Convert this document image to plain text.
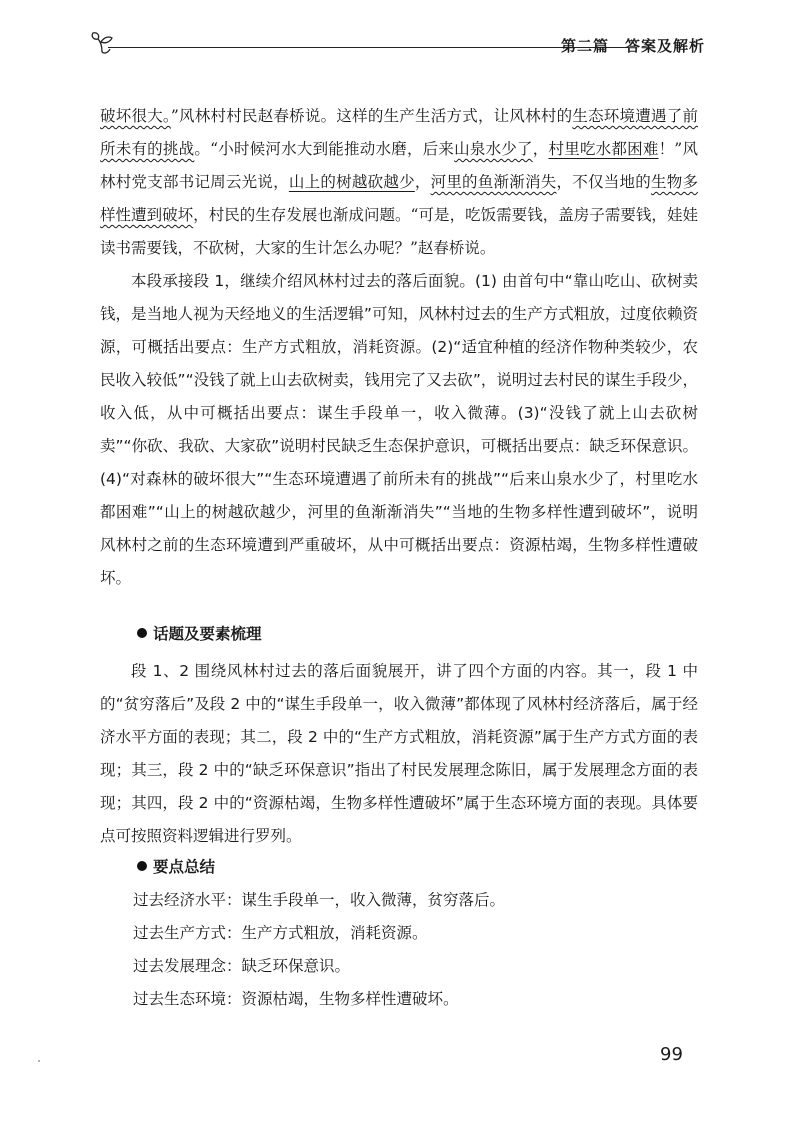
第二篇　答案及解析

破坏很大。”风林村村民赵春桥说。这样的生产生活方式，让风林村的生态环境遭遇了前所未有的挑战。“小时候河水大到能推动水磨，后来山泉水少了，村里吃水都困难！”风林村党支部书记周云光说，山上的树越砍越少，河里的鱼渐渐消失，不仅当地的生物多样性遭到破坏，村民的生存发展也渐成问题。“可是，吃饭需要钱，盖房子需要钱，娃娃读书需要钱，不砍树，大家的生计怎么办呢？”赵春桥说。

本段承接段 1，继续介绍风林村过去的落后面貌。(1) 由首句中“靠山吃山、砍树卖钱，是当地人视为天经地义的生活逻辑”可知，风林村过去的生产方式粗放，过度依赖资源，可概括出要点：生产方式粗放，消耗资源。(2)“适宜种植的经济作物种类较少，农民收入较低”“没钱了就上山去砍树卖，钱用完了又去砍”，说明过去村民的谋生手段少，收入低，从中可概括出要点：谋生手段单一，收入微薄。(3)“没钱了就上山去砍树卖”“你砍、我砍、大家砍”说明村民缺乏生态保护意识，可概括出要点：缺乏环保意识。(4)“对森林的破坏很大”“生态环境遭遇了前所未有的挑战”“后来山泉水少了，村里吃水都困难”“山上的树越砍越少，河里的鱼渐渐消失”“当地的生物多样性遭到破坏”，说明风林村之前的生态环境遭到严重破坏，从中可概括出要点：资源枯竭，生物多样性遭破坏。

话题及要素梳理

段 1、2 围绕风林村过去的落后面貌展开，讲了四个方面的内容。其一，段 1 中的“贫穷落后”及段 2 中的“谋生手段单一，收入微薄”都体现了风林村经济落后，属于经济水平方面的表现；其二，段 2 中的“生产方式粗放，消耗资源”属于生产方式方面的表现；其三，段 2 中的“缺乏环保意识”指出了村民发展理念陈旧，属于发展理念方面的表现；其四，段 2 中的“资源枯竭，生物多样性遭破坏”属于生态环境方面的表现。具体要点可按照资料逻辑进行罗列。

要点总结
过去经济水平：谋生手段单一，收入微薄，贫穷落后。
过去生产方式：生产方式粗放，消耗资源。
过去发展理念：缺乏环保意识。
过去生态环境：资源枯竭，生物多样性遭破坏。
99
